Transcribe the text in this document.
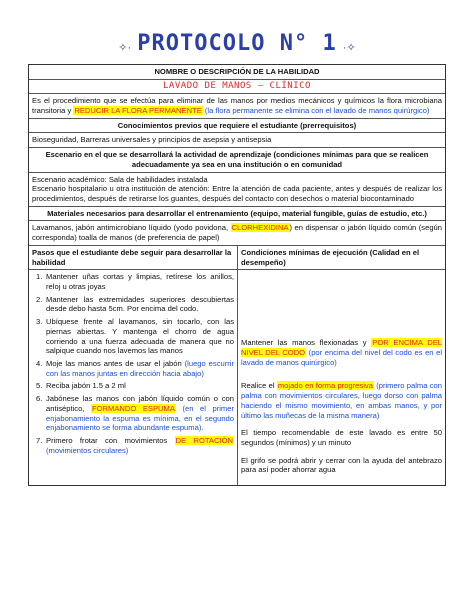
✧· PROTOCOLO N° 1 ·✧
NOMBRE O DESCRIPCIÓN DE LA HABILIDAD
LAVADO DE MANOS – CLÍNICO
Es el procedimiento que se efectúa para eliminar de las manos por medios mecánicos y químicos la flora microbiana transitoria y REDUCIR LA FLORA PERMANENTE (la flora permanente se elimina con el lavado de manos quirúrgico)
Conocimientos previos que requiere el estudiante (prerrequisitos)
Bioseguridad, Barreras universales y principios de asepsia y antisepsia
Escenario en el que se desarrollará la actividad de aprendizaje (condiciones mínimas para que se realicen adecuadamente ya sea en una institución o en comunidad
Escenario académico: Sala de habilidades instalada
Escenario hospitalario u otra institución de atención: Entre la atención de cada paciente, antes y después de realizar los procedimientos, después de retirarse los guantes, después del contacto con desechos o material biocontaminado
Materiales necesarios para desarrollar el entrenamiento (equipo, material fungible, guías de estudio, etc.)
Lavamanos, jabón antimicrobiano líquido (yodo povidona, CLORHEXIDINA) en dispensar o jabón líquido común (según corresponda) toalla de manos (de preferencia de papel)
Pasos que el estudiante debe seguir para desarrollar la habilidad
Condiciones mínimas de ejecución (Calidad en el desempeño)
1. Mantener uñas cortas y limpias, retírese los anillos, reloj u otras joyas
2. Mantener las extremidades superiores descubiertas desde debo hasta 5cm. Por encima del codo.
3. Ubíquese frente al lavamanos, sin tocarlo, con las piernas abiertas. Y mantenga el chorro de agua corriendo a una fuerza adecuada de manera que no salpique cuando nos lavemos las manos
4. Moje las manos antes de usar el jabón (luego escurrir con las manos juntas en dirección hacia abajo)
5. Reciba jabón 1.5 a 2 ml
6. Jabónese las manos con jabón líquido común o con antiséptico, FORMANDO ESPUMA (en el primer enjabonamiento la espuma es mínima, en el segundo enjabonamiento se forma abundante espuma).
7. Primero frotar con movimientos DE ROTACIÓN (movimientos circulares)

Mantener las manos flexionadas y POR ENCIMA DEL NIVEL DEL CODO (por encima del nivel del codo es en el lavado de manos quirúrgico)

Realice el mojado en forma progresiva (primero palma con palma con movimientos circulares, luego dorso con palma haciendo el mismo movimiento, en ambas manos, y por último las muñecas de la misma manera)

El tiempo recomendable de este lavado es entre 50 segundos (mínimos) y un minuto

El grifo se podrá abrir y cerrar con la ayuda del antebrazo para así poder ahorrar agua
